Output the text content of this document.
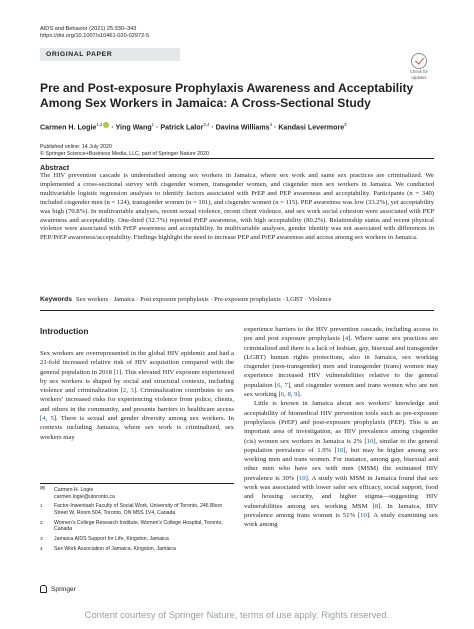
AIDS and Behavior (2021) 25:330–343
https://doi.org/10.1007/s10461-020-02972-5
ORIGINAL PAPER
Check for
updates
Pre and Post-exposure Prophylaxis Awareness and Acceptability Among Sex Workers in Jamaica: A Cross-Sectional Study
Carmen H. Logie$^{1,2}$ · Ying Wang$^1$ · Patrick Lalor$^{3,4}$ · Davina Williams$^4$ · Kandasi Levermore$^3$
Published online: 14 July 2020
© Springer Science+Business Media, LLC, part of Springer Nature 2020
Abstract
The HIV prevention cascade is understudied among sex workers in Jamaica, where sex work and same sex practices are criminalized. We implemented a cross-sectional survey with cisgender women, transgender women, and cisgender men sex workers in Jamaica. We conducted multivariable logistic regression analyses to identify factors associated with PrEP and PEP awareness and acceptability. Participants (n = 340) included cisgender men (n = 124), transgender women (n = 101), and cisgender women (n = 115). PEP awareness was low (33.2%), yet acceptability was high (70.8%). In multivariable analyses, recent sexual violence, recent client violence, and sex work social cohesion were associated with PEP awareness and acceptability. One-third (32.7%) reported PrEP awareness, with high acceptability (80.2%). Relationship status and recent physical violence were associated with PrEP awareness and acceptability. In multivariable analyses, gender identity was not associated with differences in PEP/PrEP awareness/acceptability. Findings highlight the need to increase PEP and PrEP awareness and access among sex workers in Jamaica.
Keywords Sex workers · Jamaica · Post exposure prophylaxis · Pre-exposure prophylaxis · LGBT · Violence
Introduction

Sex workers are overrepresented in the global HIV epidemic and had a 21-fold increased relative risk of HIV acquisition compared with the general population in 2018 [1]. This elevated HIV exposure experienced by sex workers is shaped by social and structural contexts, including violence and criminalization [2, 3]. Criminalization contributes to sex workers’ increased risks for experiencing violence from police, clients, and others in the community, and presents barriers to healthcare access [4, 5]. There is sexual and gender diversity among sex workers. In contexts including Jamaica, where sex work is criminalized, sex workers may

experience barriers to the HIV prevention cascade, including access to pre and post exposure prophylaxis [4]. Where same sex practices are criminalized and there is a lack of lesbian, gay, bisexual and transgender (LGBT) human rights protections, also in Jamaica, sex working cisgender (non-transgender) men and transgender (trans) women may experience increased HIV vulnerabilities relative to the general population [6, 7], and cisgender women and trans women who are not sex working [6, 8, 9].

Little is known in Jamaica about sex workers’ knowledge and acceptability of biomedical HIV prevention tools such as pre-exposure prophylaxis (PrEP) and post-exposure prophylaxis (PEP). This is an important area of investigation, as HIV prevalence among cisgender (cis) women sex workers in Jamaica is 2% [10], similar to the general population prevalence of 1.9% [10], but may be higher among sex working men and trans women. For instance, among gay, bisexual and other men who have sex with men (MSM) the estimated HIV prevalence is 30% [10]. A study with MSM in Jamaica found that sex work was associated with lower safer sex efficacy, social support, food and housing security, and higher stigma—suggesting HIV vulnerabilities among sex working MSM [8]. In Jamaica, HIV prevalence among trans women is 51% [10]. A study examining sex work among

✉ Carmen H. Logie
carmen.logie@utoronto.ca
1 Factor-Inwentash Faculty of Social Work, University of Toronto, 246 Bloor Street W, Room 504, Toronto, ON M5S 1V4, Canada
2 Women’s College Research Institute, Women’s College Hospital, Toronto, Canada
3 Jamaica AIDS Support for Life, Kingston, Jamaica
4 Sex Work Association of Jamaica, Kingston, Jamaica
Springer
Content courtesy of Springer Nature, terms of use apply. Rights reserved.
